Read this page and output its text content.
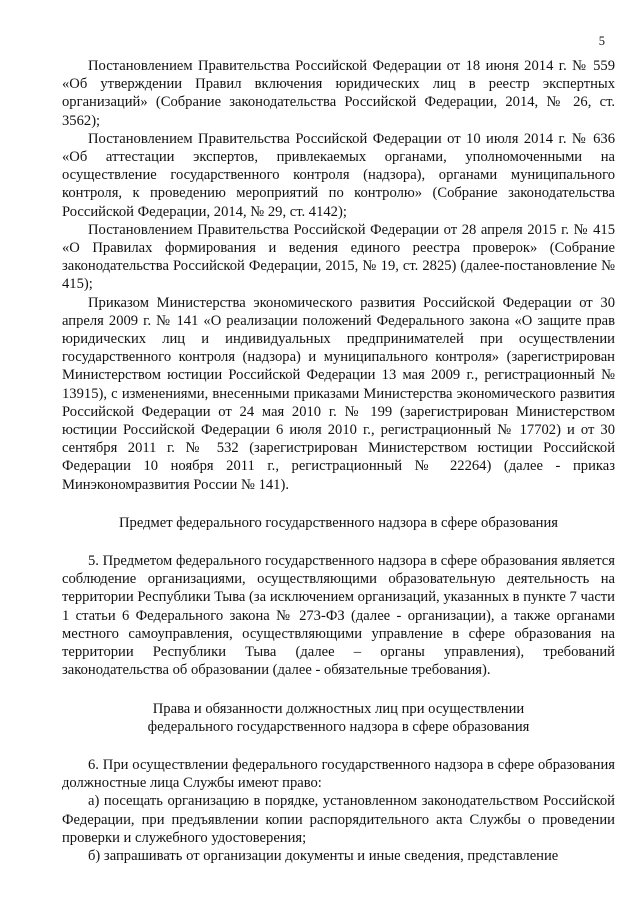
5

Постановлением Правительства Российской Федерации от 18 июня 2014 г. № 559 «Об утверждении Правил включения юридических лиц в реестр экспертных организаций» (Собрание законодательства Российской Федерации, 2014, № 26, ст. 3562);

Постановлением Правительства Российской Федерации от 10 июля 2014 г. № 636 «Об аттестации экспертов, привлекаемых органами, уполномоченными на осуществление государственного контроля (надзора), органами муниципального контроля, к проведению мероприятий по контролю» (Собрание законодательства Российской Федерации, 2014, № 29, ст. 4142);

Постановлением Правительства Российской Федерации от 28 апреля 2015 г. № 415 «О Правилах формирования и ведения единого реестра проверок» (Собрание законодательства Российской Федерации, 2015, № 19, ст. 2825) (далее-постановление № 415);

Приказом Министерства экономического развития Российской Федерации от 30 апреля 2009 г. № 141 «О реализации положений Федерального закона «О защите прав юридических лиц и индивидуальных предпринимателей при осуществлении государственного контроля (надзора) и муниципального контроля» (зарегистрирован Министерством юстиции Российской Федерации 13 мая 2009 г., регистрационный № 13915), с изменениями, внесенными приказами Министерства экономического развития Российской Федерации от 24 мая 2010 г. № 199 (зарегистрирован Министерством юстиции Российской Федерации 6 июля 2010 г., регистрационный № 17702) и от 30 сентября 2011 г. № 532 (зарегистрирован Министерством юстиции Российской Федерации 10 ноября 2011 г., регистрационный № 22264) (далее - приказ Минэкономразвития России № 141).

Предмет федерального государственного надзора в сфере образования

5. Предметом федерального государственного надзора в сфере образования является соблюдение организациями, осуществляющими образовательную деятельность на территории Республики Тыва (за исключением организаций, указанных в пункте 7 части 1 статьи 6 Федерального закона № 273-ФЗ (далее - организации), а также органами местного самоуправления, осуществляющими управление в сфере образования на территории Республики Тыва (далее – органы управления), требований законодательства об образовании (далее - обязательные требования).

Права и обязанности должностных лиц при осуществлении
федерального государственного надзора в сфере образования

6. При осуществлении федерального государственного надзора в сфере образования должностные лица Службы имеют право:

а) посещать организацию в порядке, установленном законодательством Российской Федерации, при предъявлении копии распорядительного акта Службы о проведении проверки и служебного удостоверения;

б) запрашивать от организации документы и иные сведения, представление
